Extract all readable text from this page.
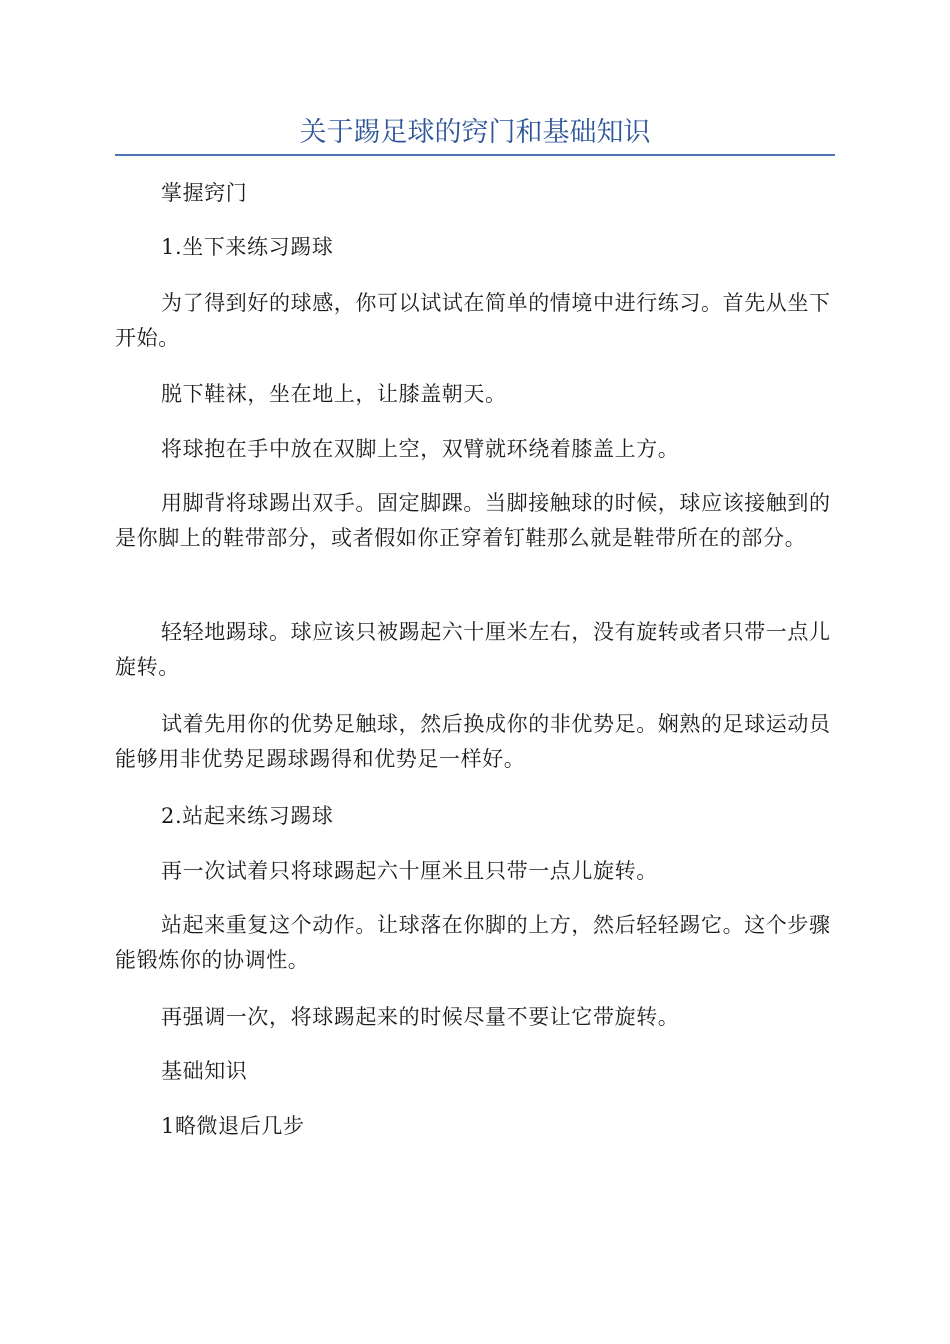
关于踢足球的窍门和基础知识

掌握窍门

1.坐下来练习踢球

为了得到好的球感，你可以试试在简单的情境中进行练习。首先从坐下开始。

脱下鞋袜，坐在地上，让膝盖朝天。

将球抱在手中放在双脚上空，双臂就环绕着膝盖上方。

用脚背将球踢出双手。固定脚踝。当脚接触球的时候，球应该接触到的是你脚上的鞋带部分，或者假如你正穿着钉鞋那么就是鞋带所在的部分。

轻轻地踢球。球应该只被踢起六十厘米左右，没有旋转或者只带一点儿旋转。

试着先用你的优势足触球，然后换成你的非优势足。娴熟的足球运动员能够用非优势足踢球踢得和优势足一样好。

2.站起来练习踢球

再一次试着只将球踢起六十厘米且只带一点儿旋转。

站起来重复这个动作。让球落在你脚的上方，然后轻轻踢它。这个步骤能锻炼你的协调性。

再强调一次，将球踢起来的时候尽量不要让它带旋转。

基础知识

1略微退后几步
